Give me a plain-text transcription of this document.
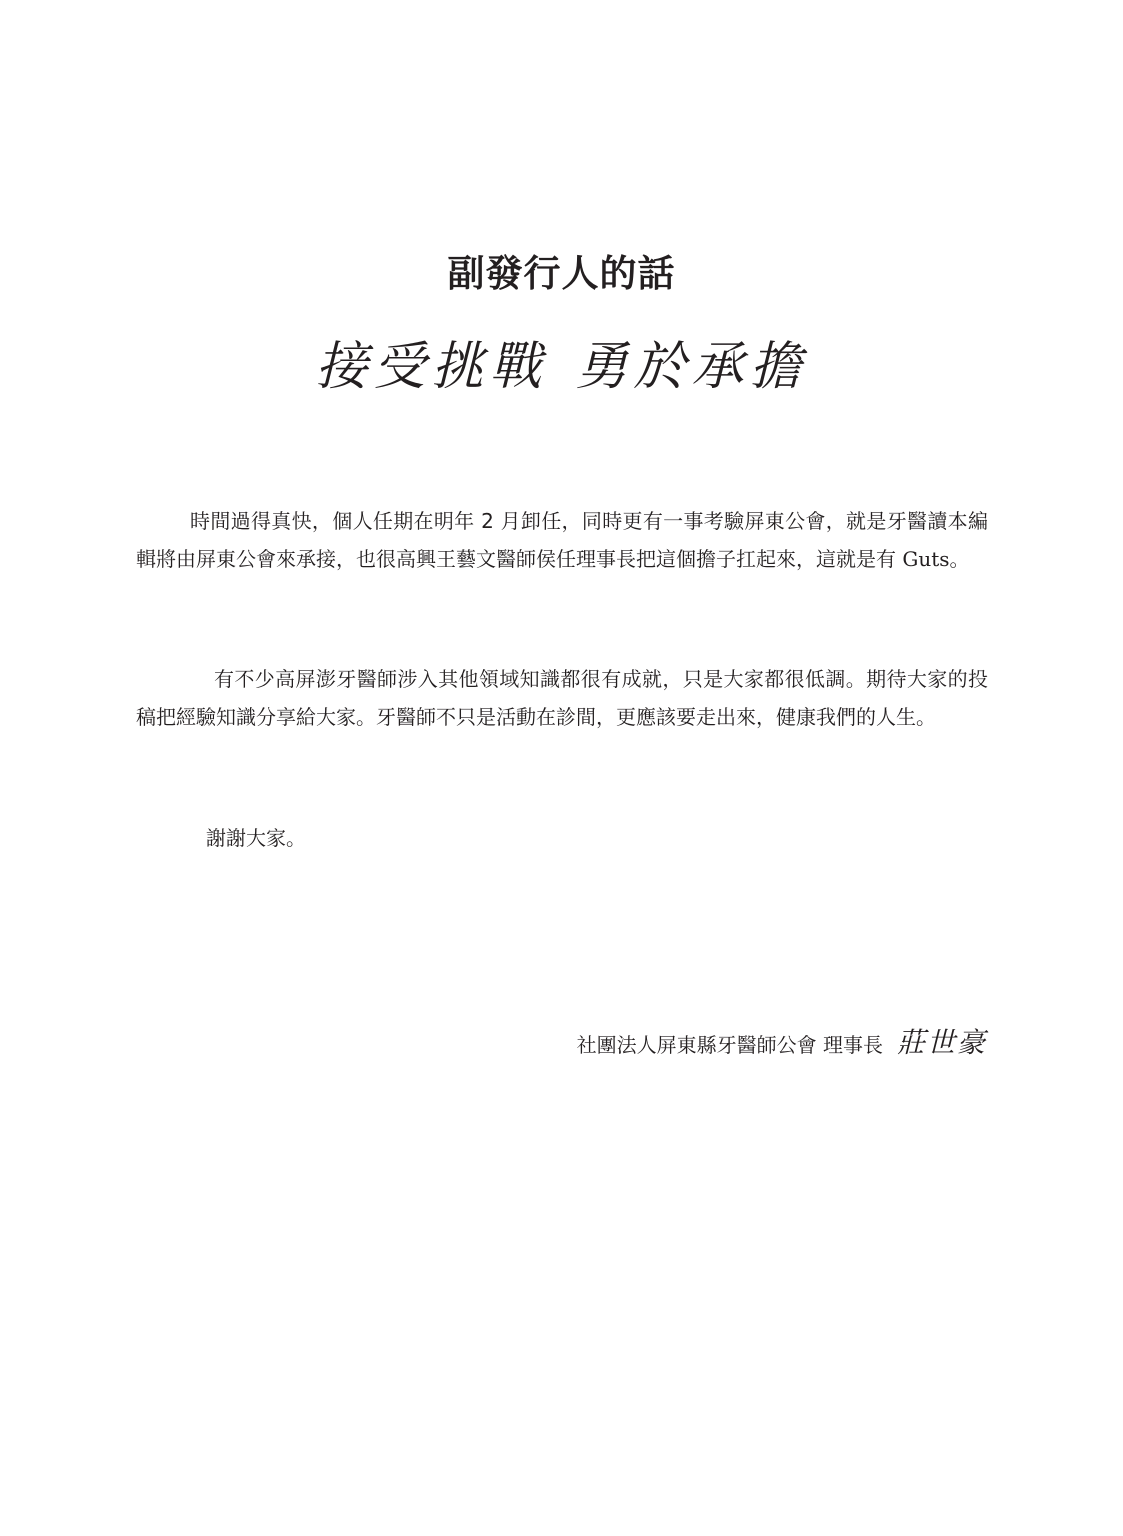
副發行人的話
接受挑戰 勇於承擔

時間過得真快，個人任期在明年 2 月卸任，同時更有一事考驗屏東公會，就是牙醫讀本編輯將由屏東公會來承接，也很高興王藝文醫師侯任理事長把這個擔子扛起來，這就是有 Guts。

有不少高屏澎牙醫師涉入其他領域知識都很有成就，只是大家都很低調。期待大家的投稿把經驗知識分享給大家。牙醫師不只是活動在診間，更應該要走出來，健康我們的人生。

謝謝大家。

社團法人屏東縣牙醫師公會 理事長 莊世豪
